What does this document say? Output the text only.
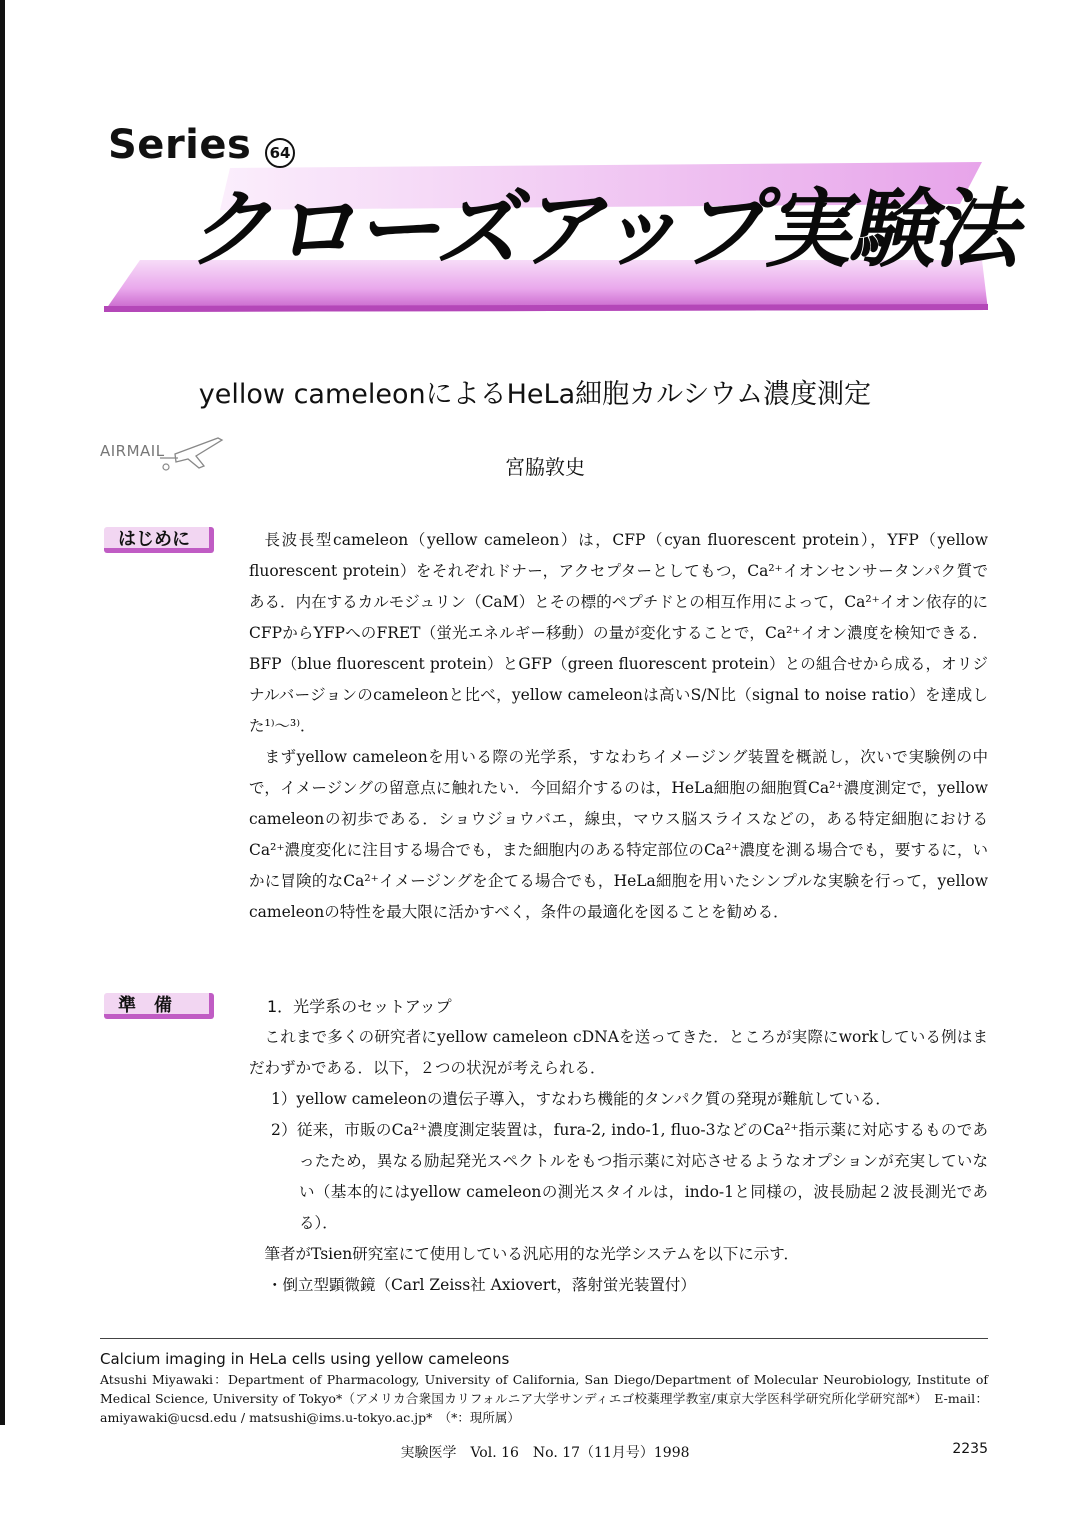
Series	64
クローズアップ実験法
yellow cameleonによるHeLa細胞カルシウム濃度測定
AIRMAIL
宮脇敦史
はじめに	長波長型cameleon（yellow cameleon）は，CFP（cyan fluorescent protein），YFP（yellow fluorescent protein）をそれぞれドナー，アクセプターとしてもつ，Ca²⁺イオンセンサータンパク質である．内在するカルモジュリン（CaM）とその標的ペプチドとの相互作用によって，Ca²⁺イオン依存的にCFPからYFPへのFRET（蛍光エネルギー移動）の量が変化することで，Ca²⁺イオン濃度を検知できる．BFP（blue fluorescent protein）とGFP（green fluorescent protein）との組合せから成る，オリジナルバージョンのcameleonと比べ，yellow cameleonは高いS/N比（signal to noise ratio）を達成した¹⁾〜³⁾．

まずyellow cameleonを用いる際の光学系，すなわちイメージング装置を概説し，次いで実験例の中で，イメージングの留意点に触れたい．今回紹介するのは，HeLa細胞の細胞質Ca²⁺濃度測定で，yellow cameleonの初歩である．ショウジョウバエ，線虫，マウス脳スライスなどの，ある特定細胞におけるCa²⁺濃度変化に注目する場合でも，また細胞内のある特定部位のCa²⁺濃度を測る場合でも，要するに，いかに冒険的なCa²⁺イメージングを企てる場合でも，HeLa細胞を用いたシンプルな実験を行って，yellow cameleonの特性を最大限に活かすべく，条件の最適化を図ることを勧める．

準備	1．光学系のセットアップ

これまで多くの研究者にyellow cameleon cDNAを送ってきた．ところが実際にworkしている例はまだわずかである．以下，２つの状況が考えられる．

1）yellow cameleonの遺伝子導入，すなわち機能的タンパク質の発現が難航している．
2）従来，市販のCa²⁺濃度測定装置は，fura-2, indo-1, fluo-3などのCa²⁺指示薬に対応するものであったため，異なる励起発光スペクトルをもつ指示薬に対応させるようなオプションが充実していない（基本的にはyellow cameleonの測光スタイルは，indo-1と同様の，波長励起２波長測光である）．

筆者がTsien研究室にて使用している汎応用的な光学システムを以下に示す．

・倒立型顕微鏡（Carl Zeiss社 Axiovert，落射蛍光装置付）
Calcium imaging in HeLa cells using yellow cameleons
Atsushi Miyawaki：Department of Pharmacology, University of California, San Diego/Department of Molecular Neurobiology, Institute of Medical Science, University of Tokyo*（アメリカ合衆国カリフォルニア大学サンディエゴ校薬理学教室/東京大学医科学研究所化学研究部*）　E-mail：amiyawaki@ucsd.edu / matsushi@ims.u-tokyo.ac.jp*　（*：現所属）
実験医学　Vol. 16　No. 17（11月号）1998	2235
